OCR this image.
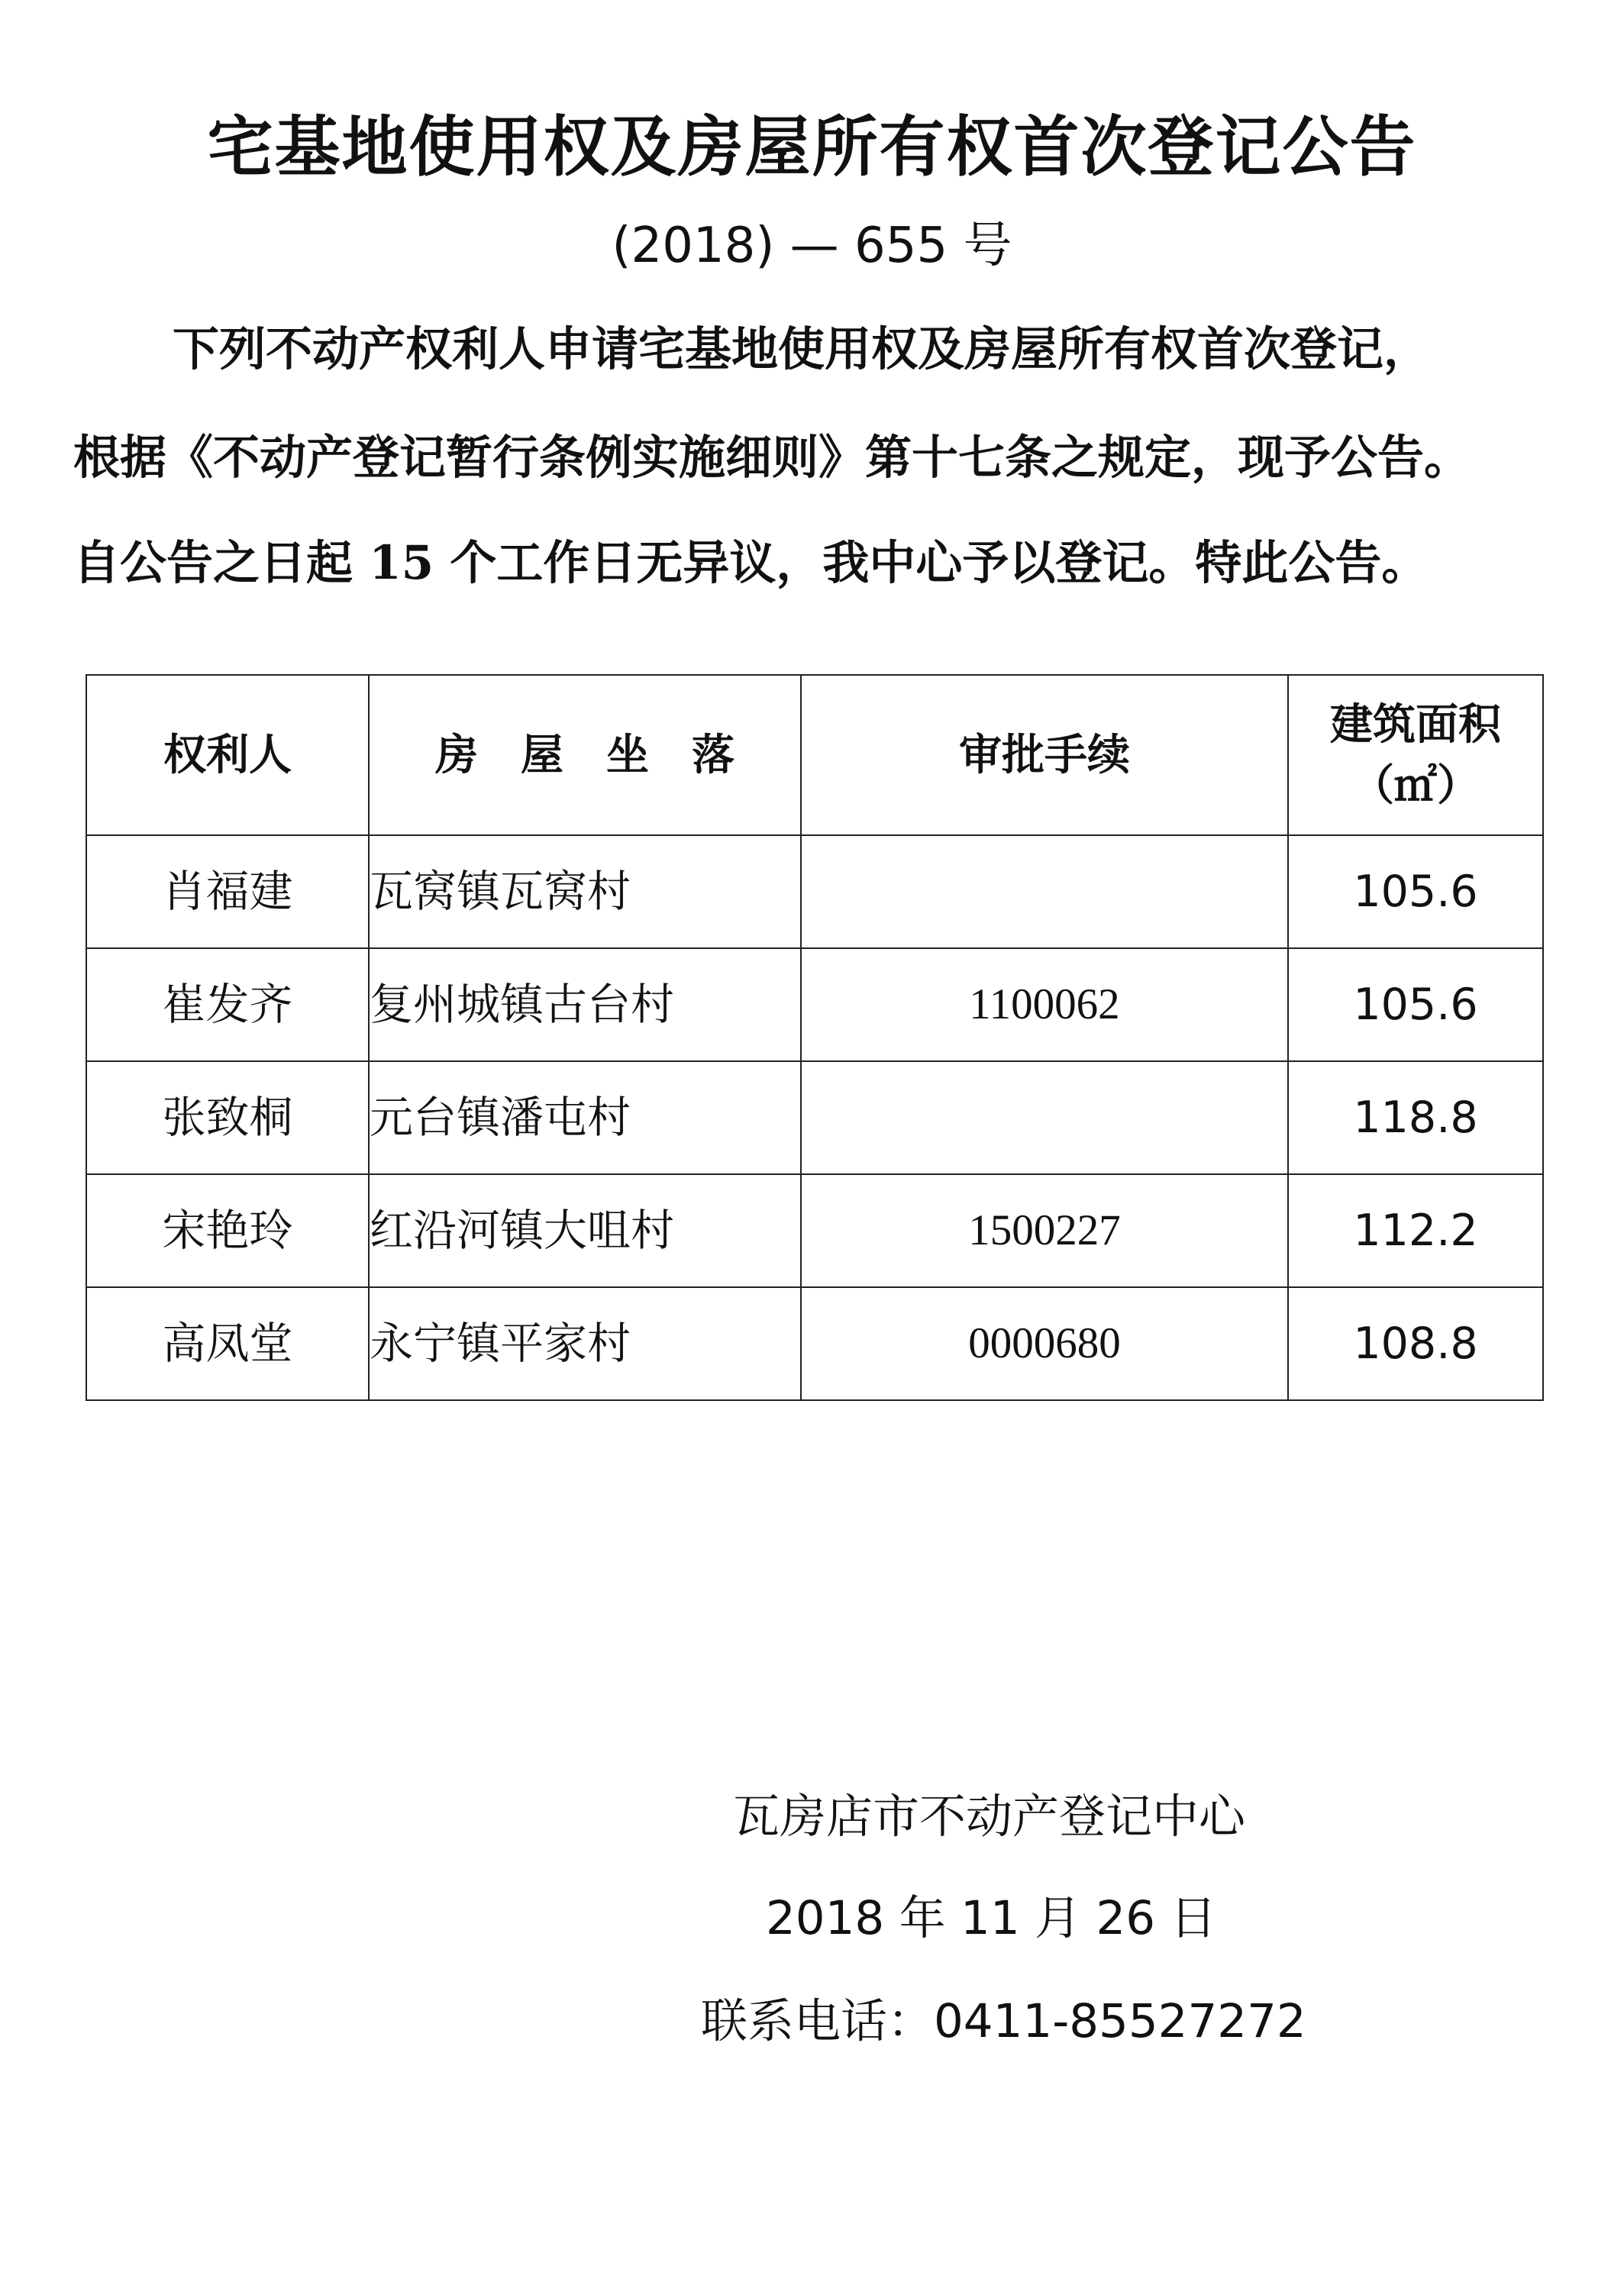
宅基地使用权及房屋所有权首次登记公告
(2018) — 655 号
下列不动产权利人申请宅基地使用权及房屋所有权首次登记，
根据《不动产登记暂行条例实施细则》第十七条之规定，现予公告。
自公告之日起 15 个工作日无异议，我中心予以登记。特此公告。
权利人	房　屋　坐　落	审批手续	建筑面积
（㎡）

肖福建	瓦窝镇瓦窝村		105.6
崔发齐	复州城镇古台村	1100062	105.6
张致桐	元台镇潘屯村		118.8
宋艳玲	红沿河镇大咀村	1500227	112.2
高凤堂	永宁镇平家村	0000680	108.8
瓦房店市不动产登记中心
2018 年 11 月 26 日
联系电话：0411-85527272
